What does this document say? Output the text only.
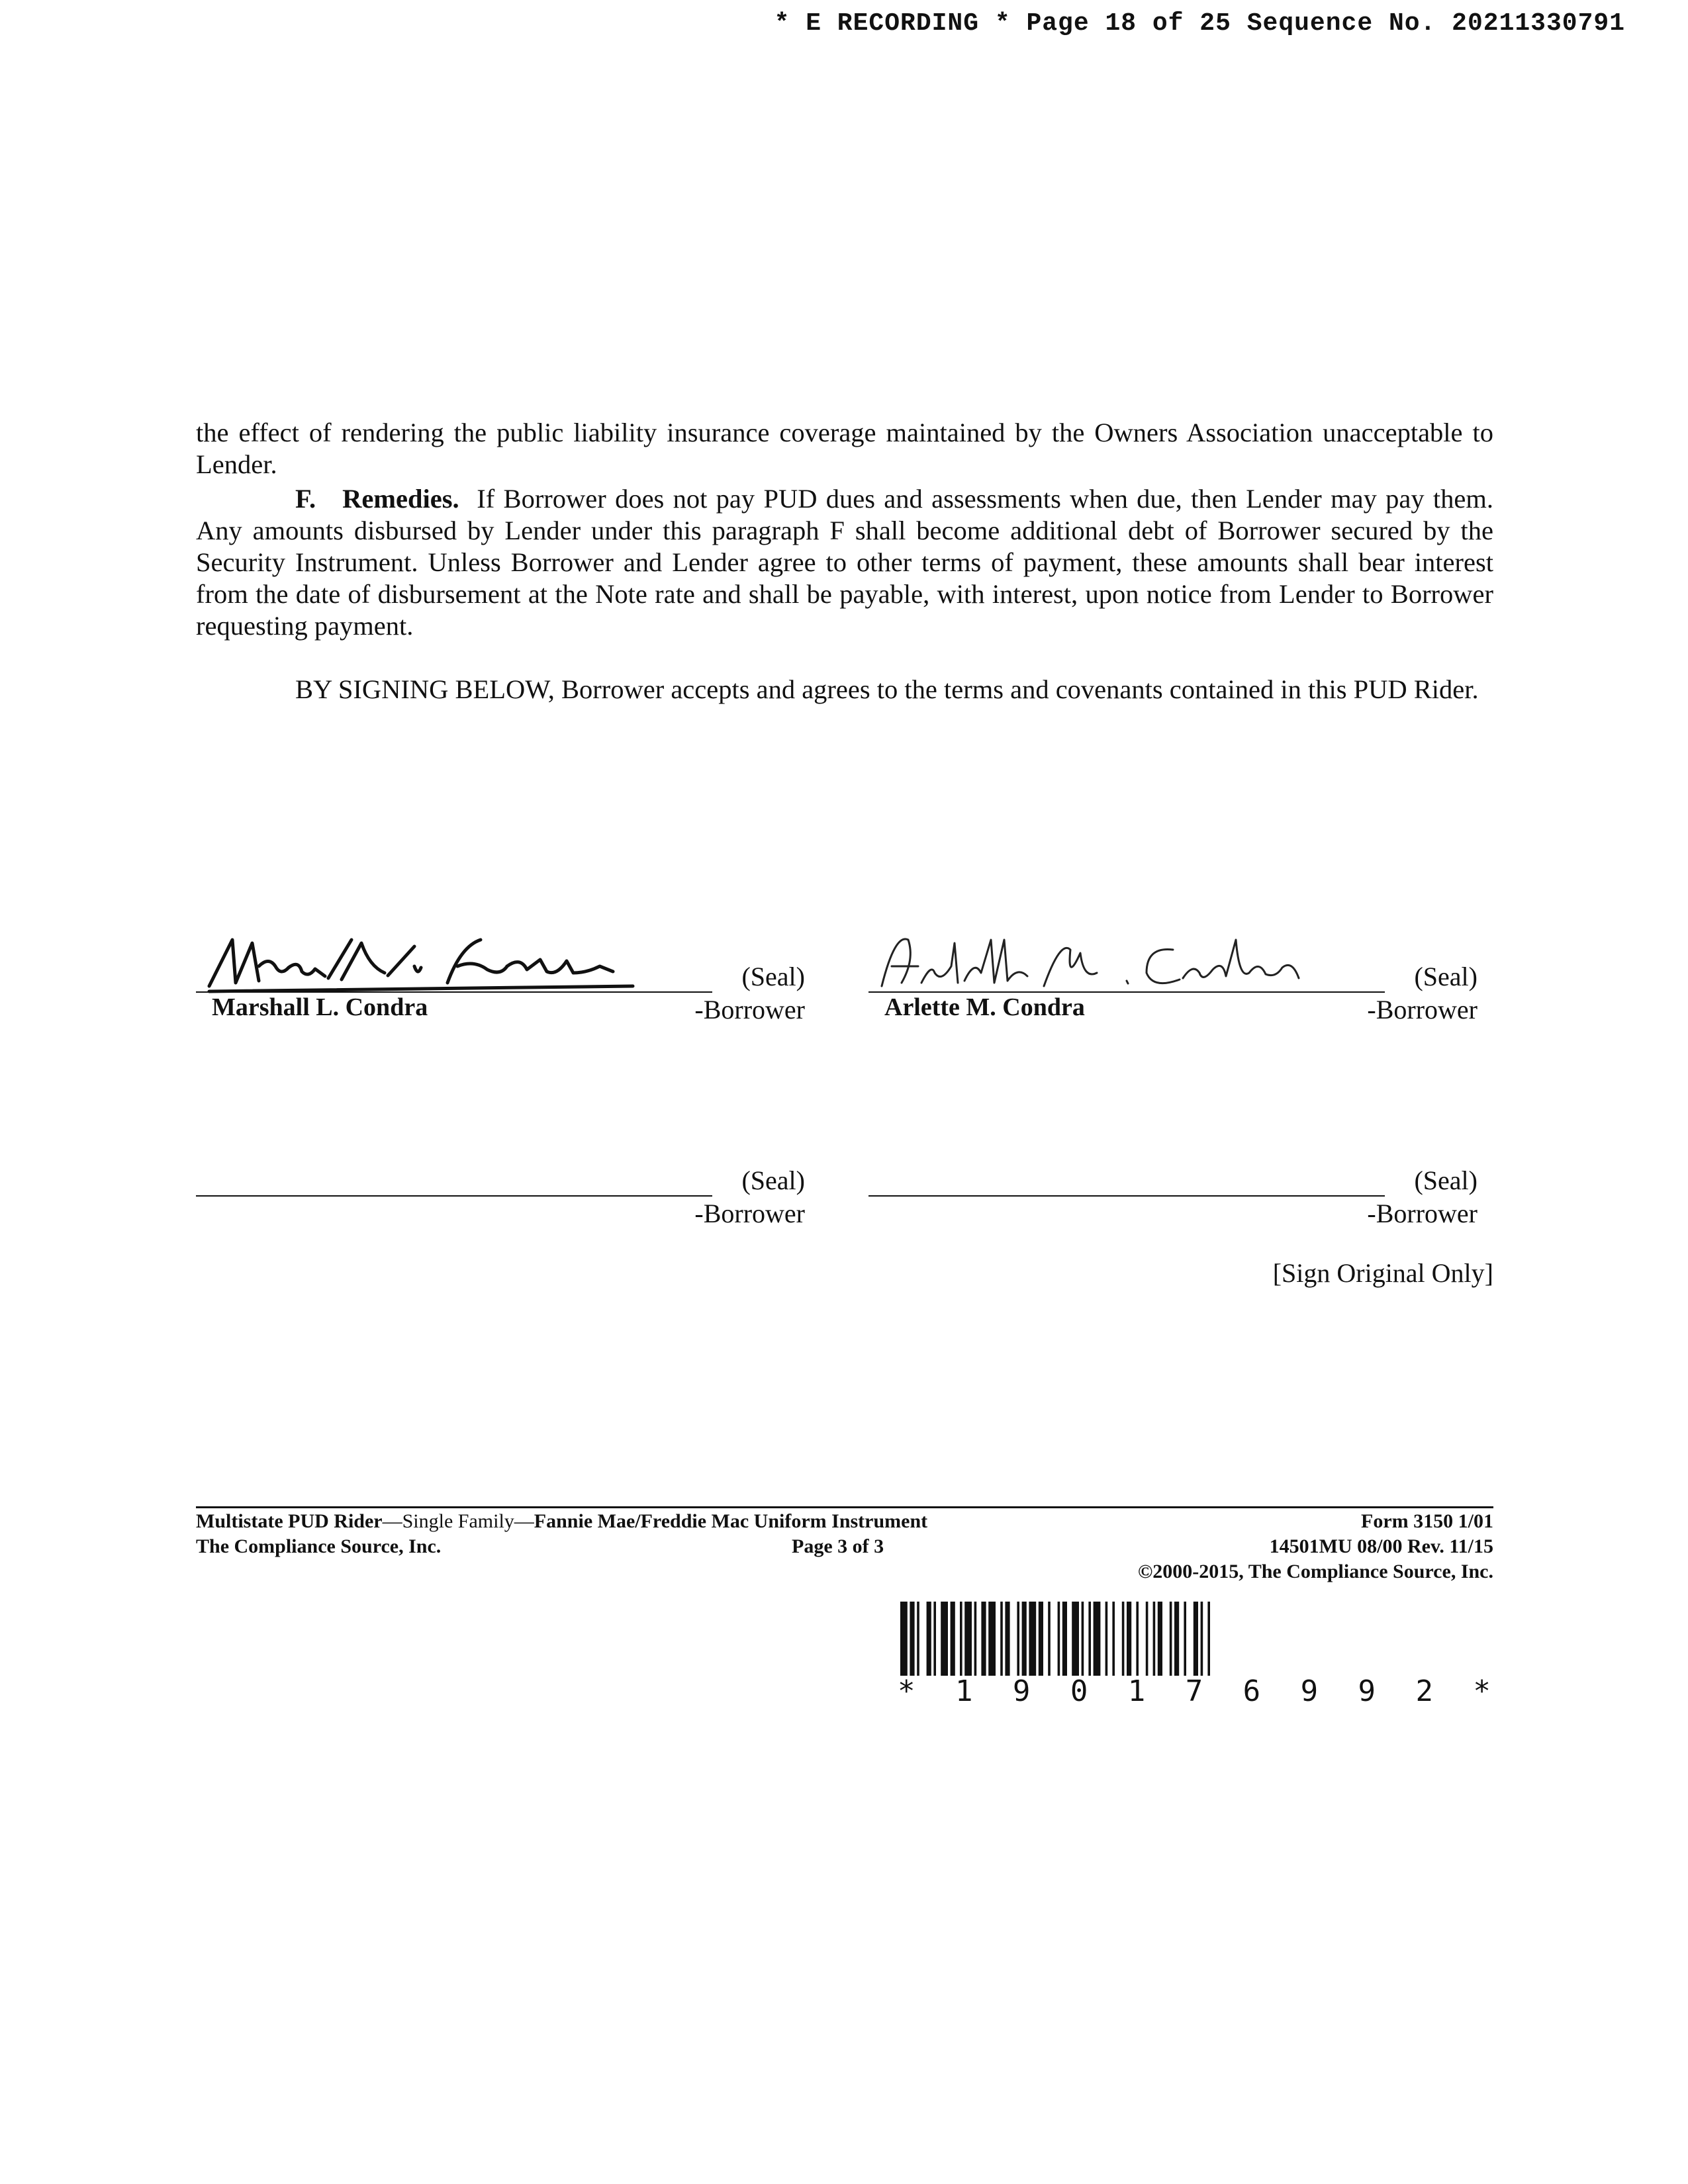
* E RECORDING * Page 18 of 25 Sequence No. 20211330791
the effect of rendering the public liability insurance coverage maintained by the Owners Association unacceptable to Lender.
F. Remedies. If Borrower does not pay PUD dues and assessments when due, then Lender may pay them. Any amounts disbursed by Lender under this paragraph F shall become additional debt of Borrower secured by the Security Instrument. Unless Borrower and Lender agree to other terms of payment, these amounts shall bear interest from the date of disbursement at the Note rate and shall be payable, with interest, upon notice from Lender to Borrower requesting payment.
BY SIGNING BELOW, Borrower accepts and agrees to the terms and covenants contained in this PUD Rider.
(Seal)
-Borrower
Marshall L. Condra
(Seal)
-Borrower
Arlette M. Condra
(Seal)
-Borrower
(Seal)
-Borrower
[Sign Original Only]
Multistate PUD Rider—Single Family—Fannie Mae/Freddie Mac Uniform Instrument
The Compliance Source, Inc.	Page 3 of 3
Form 3150 1/01
14501MU 08/00 Rev. 11/15
©2000-2015, The Compliance Source, Inc.
* 1 9 0 1 7 6 9 9 2 *
